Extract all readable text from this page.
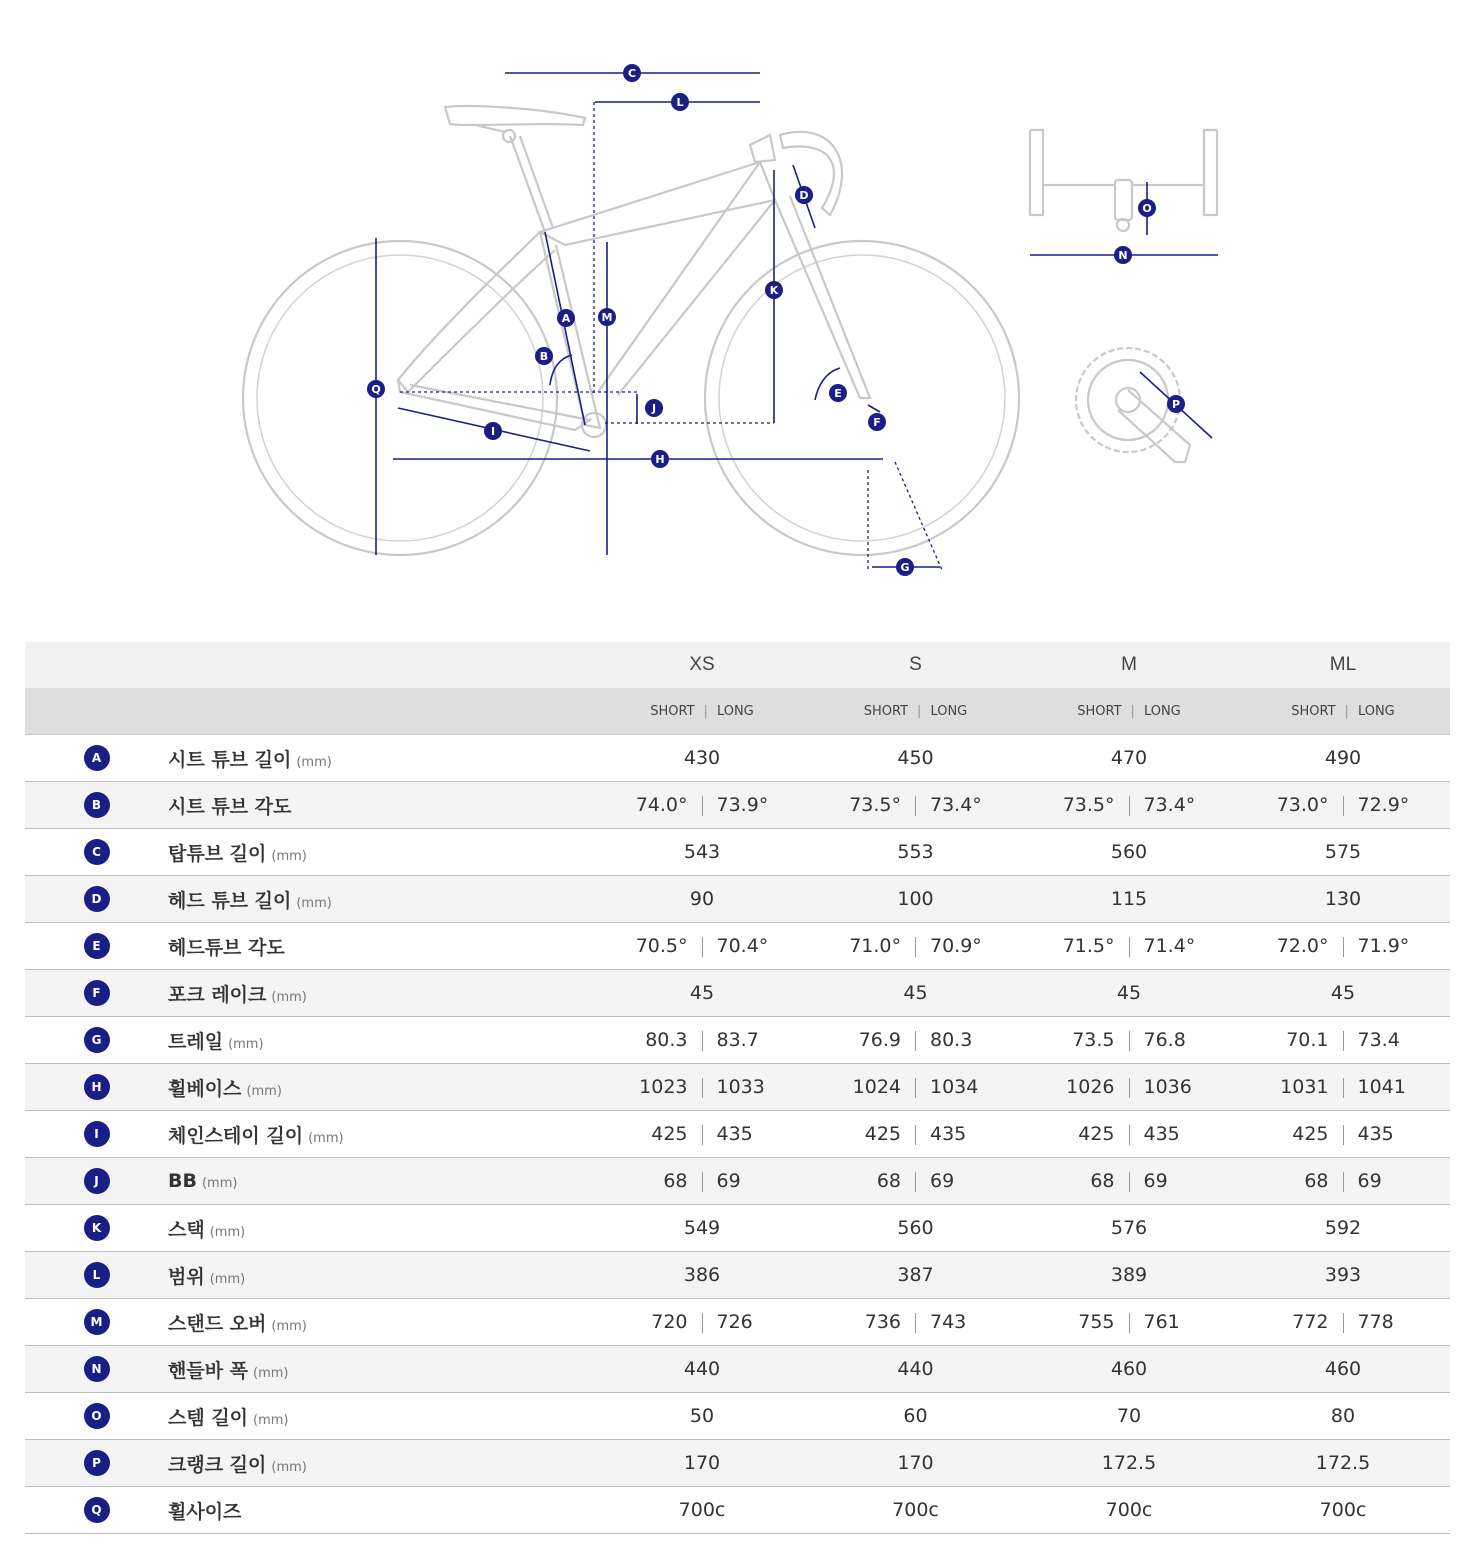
C
L
D
O
N
A	M
K
B
Q	E
P
J
I
F
H
G
		XS	S	M	ML
		SHORT | LONG	SHORT | LONG	SHORT | LONG	SHORT | LONG
A	시트 튜브 길이 (mm)	430	450	470	490
B	시트 튜브 각도	74.0° 73.9°	73.5° 73.4°	73.5° 73.4°	73.0° 72.9°
C	탑튜브 길이 (mm)	543	553	560	575
D	헤드 튜브 길이 (mm)	90	100	115	130
E	헤드튜브 각도	70.5° 70.4°	71.0° 70.9°	71.5° 71.4°	72.0° 71.9°
F	포크 레이크 (mm)	45	45	45	45
G	트레일 (mm)	80.3 83.7	76.9 80.3	73.5 76.8	70.1 73.4
H	휠베이스 (mm)	1023 1033	1024 1034	1026 1036	1031 1041
I	체인스테이 길이 (mm)	425 435	425 435	425 435	425 435
J	BB (mm)	68 69	68 69	68 69	68 69
K	스택 (mm)	549	560	576	592
L	범위 (mm)	386	387	389	393
M	스탠드 오버 (mm)	720 726	736 743	755 761	772 778
N	핸들바 폭 (mm)	440	440	460	460
O	스템 길이 (mm)	50	60	70	80
P	크랭크 길이 (mm)	170	170	172.5	172.5
Q	휠사이즈	700c	700c	700c	700c
